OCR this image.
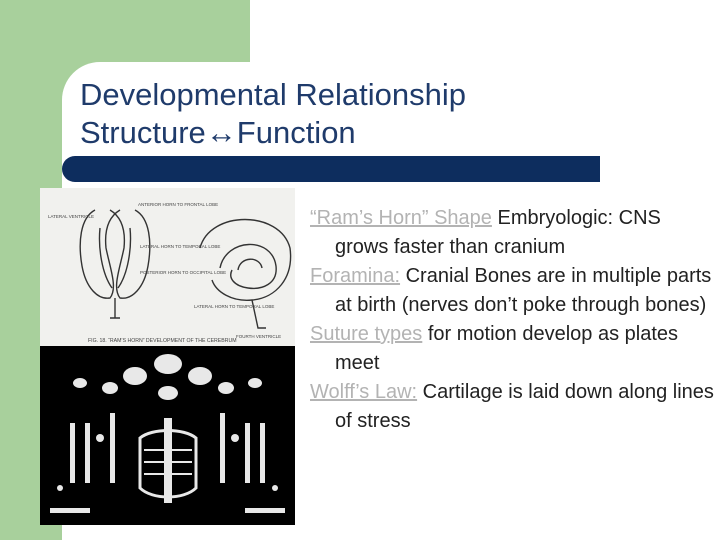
Developmental Relationship
Structure↔Function
LATERAL VENTRICLE
ANTERIOR HORN TO FRONTAL LOBE
LATERAL HORN TO TEMPORAL LOBE
POSTERIOR HORN TO OCCIPITAL LOBE
LATERAL HORN TO TEMPORAL LOBE
FOURTH VENTRICLE
FIG. 18. “RAM’S HORN” DEVELOPMENT OF THE CEREBRUM
“Ram’s Horn” Shape Embryologic: CNS grows faster than cranium
Foramina: Cranial Bones are in multiple parts at birth (nerves don’t poke through bones)
Suture types for motion develop as plates meet
Wolff’s Law: Cartilage is laid down along lines of stress
